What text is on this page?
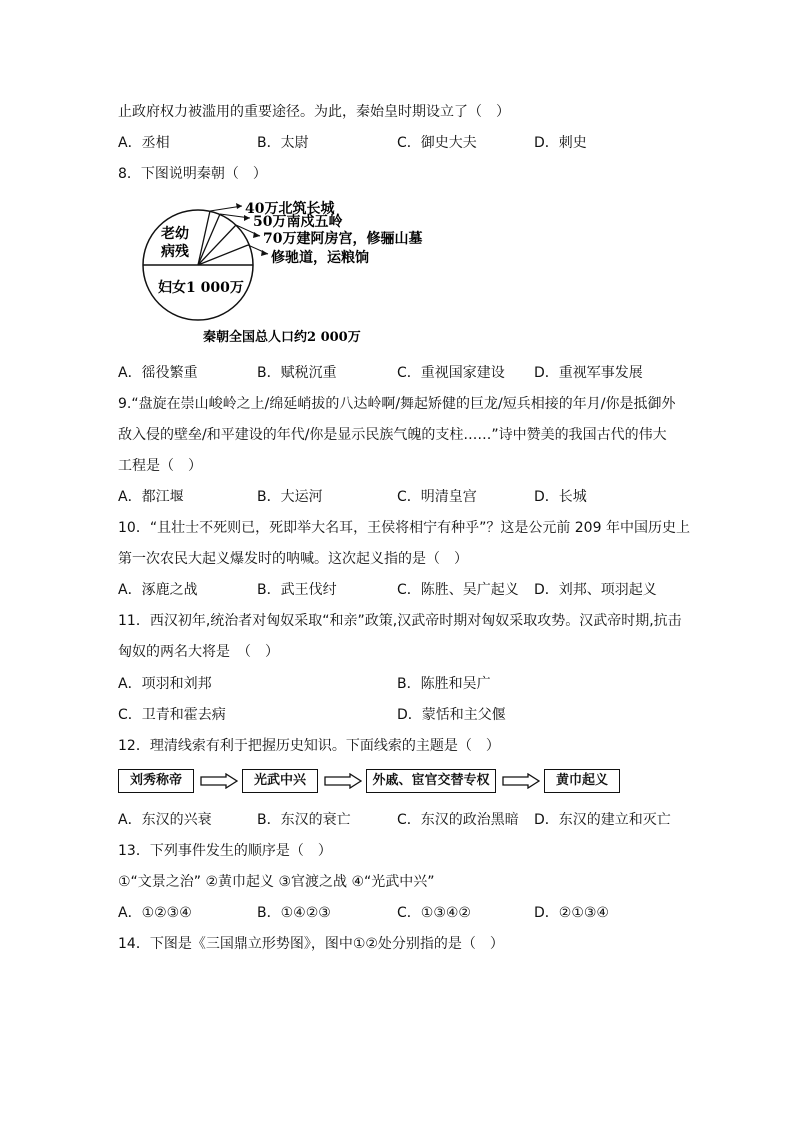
止政府权力被滥用的重要途径。为此，秦始皇时期设立了（　）
A．丞相	B．太尉	C．御史大夫	D．刺史
8．下图说明秦朝（　）
老幼
病残
妇女1 000万
40万北筑长城
50万南戍五岭
70万建阿房宫，修骊山墓
修驰道，运粮饷
秦朝全国总人口约2 000万
A．徭役繁重	B．赋税沉重	C．重视国家建设 D．重视军事发展
9.“盘旋在崇山峻岭之上/绵延峭拔的八达岭啊/舞起矫健的巨龙/短兵相接的年月/你是抵御外
敌入侵的壁垒/和平建设的年代/你是显示民族气魄的支柱……”诗中赞美的我国古代的伟大
工程是（　）
A．都江堰	B．大运河	C．明清皇宫	D．长城
10．“且壮士不死则已，死即举大名耳，王侯将相宁有种乎”？这是公元前 209 年中国历史上
第一次农民大起义爆发时的呐喊。这次起义指的是（　）
A．涿鹿之战	B．武王伐纣	C．陈胜、吴广起义 D．刘邦、项羽起义
11．西汉初年,统治者对匈奴采取“和亲”政策,汉武帝时期对匈奴采取攻势。汉武帝时期,抗击
匈奴的两名大将是　（　）
A．项羽和刘邦	B．陈胜和吴广
C．卫青和霍去病	D．蒙恬和主父偃
12．理清线索有利于把握历史知识。下面线索的主题是（　）
刘秀称帝	光武中兴	外戚、宦官交替专权	黄巾起义
A．东汉的兴衰	B．东汉的衰亡	C．东汉的政治黑暗 D．东汉的建立和灭亡
13．下列事件发生的顺序是（　）
①“文景之治” ②黄巾起义 ③官渡之战 ④“光武中兴”
A．①②③④	B．①④②③	C．①③④②	D．②①③④
14．下图是《三国鼎立形势图》，图中①②处分别指的是（　）
